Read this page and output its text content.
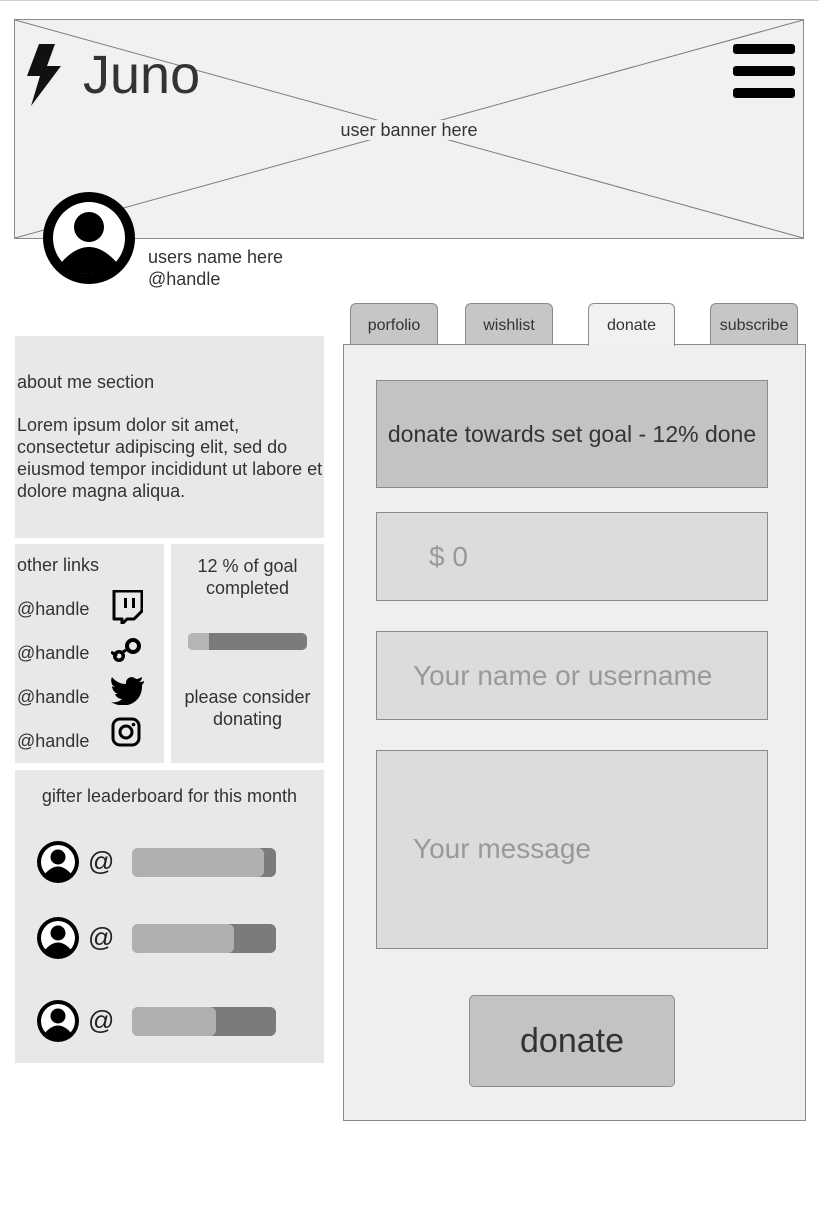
user banner here
Juno
users name here
@handle
about me section
Lorem ipsum dolor sit amet, consectetur adipiscing elit, sed do eiusmod tempor incididunt ut labore et dolore magna aliqua.
other links
@handle
@handle
@handle
@handle
12 % of goal completed
please consider donating
gifter leaderboard for this month
@
@
@
porfolio	wishlist	donate	subscribe
donate towards set goal - 12% done
$ 0
Your name or username
Your message
donate
